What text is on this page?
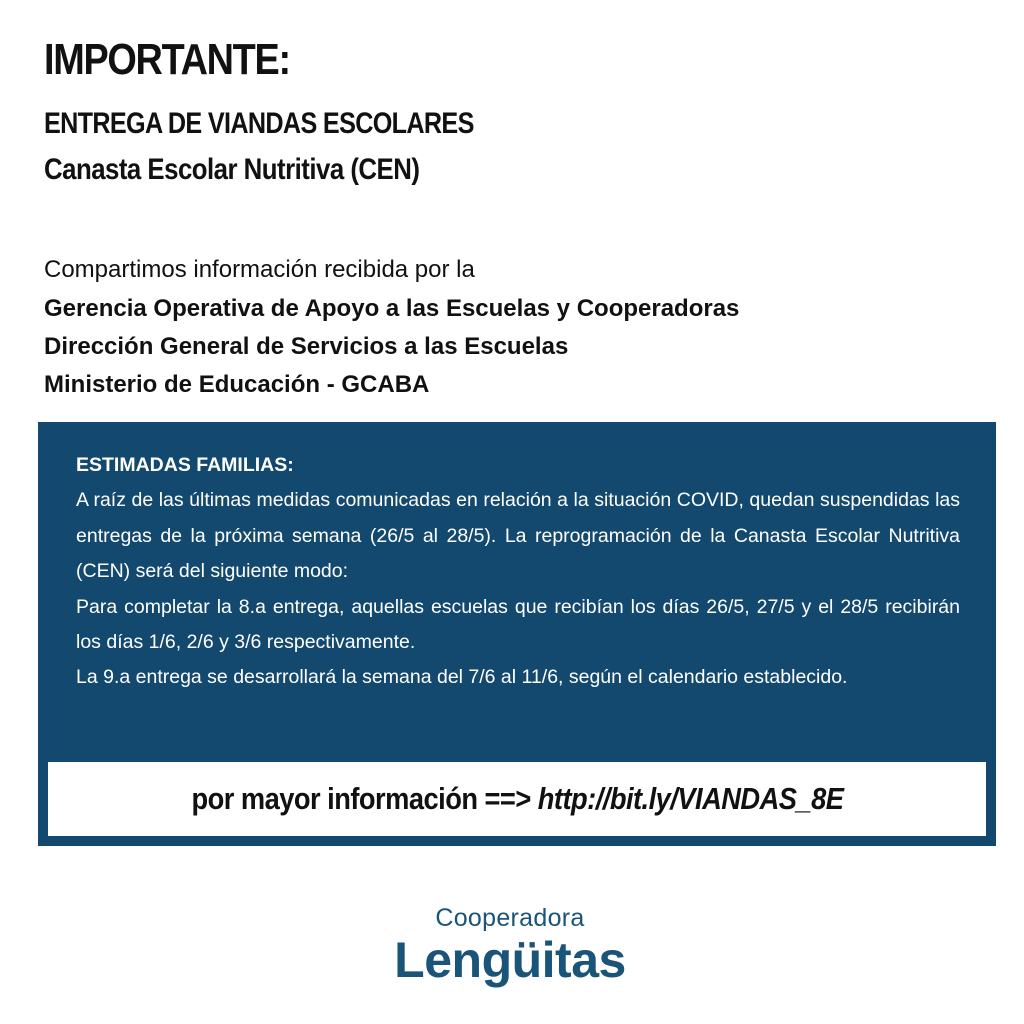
IMPORTANTE:
ENTREGA DE VIANDAS ESCOLARES
Canasta Escolar Nutritiva (CEN)

Compartimos información recibida por la

Gerencia Operativa de Apoyo a las Escuelas y Cooperadoras

Dirección General de Servicios a las Escuelas

Ministerio de Educación - GCABA

ESTIMADAS FAMILIAS:

A raíz de las últimas medidas comunicadas en relación a la situación COVID, quedan suspendidas las entregas de la próxima semana (26/5 al 28/5). La reprogramación de la Canasta Escolar Nutritiva (CEN) será del siguiente modo:

Para completar la 8.a entrega, aquellas escuelas que recibían los días 26/5, 27/5 y el 28/5 recibirán los días 1/6, 2/6 y 3/6 respectivamente.

La 9.a entrega se desarrollará la semana del 7/6 al 11/6, según el calendario establecido.

por mayor información ==> http://bit.ly/VIANDAS_8E
Cooperadora
Lengüitas
